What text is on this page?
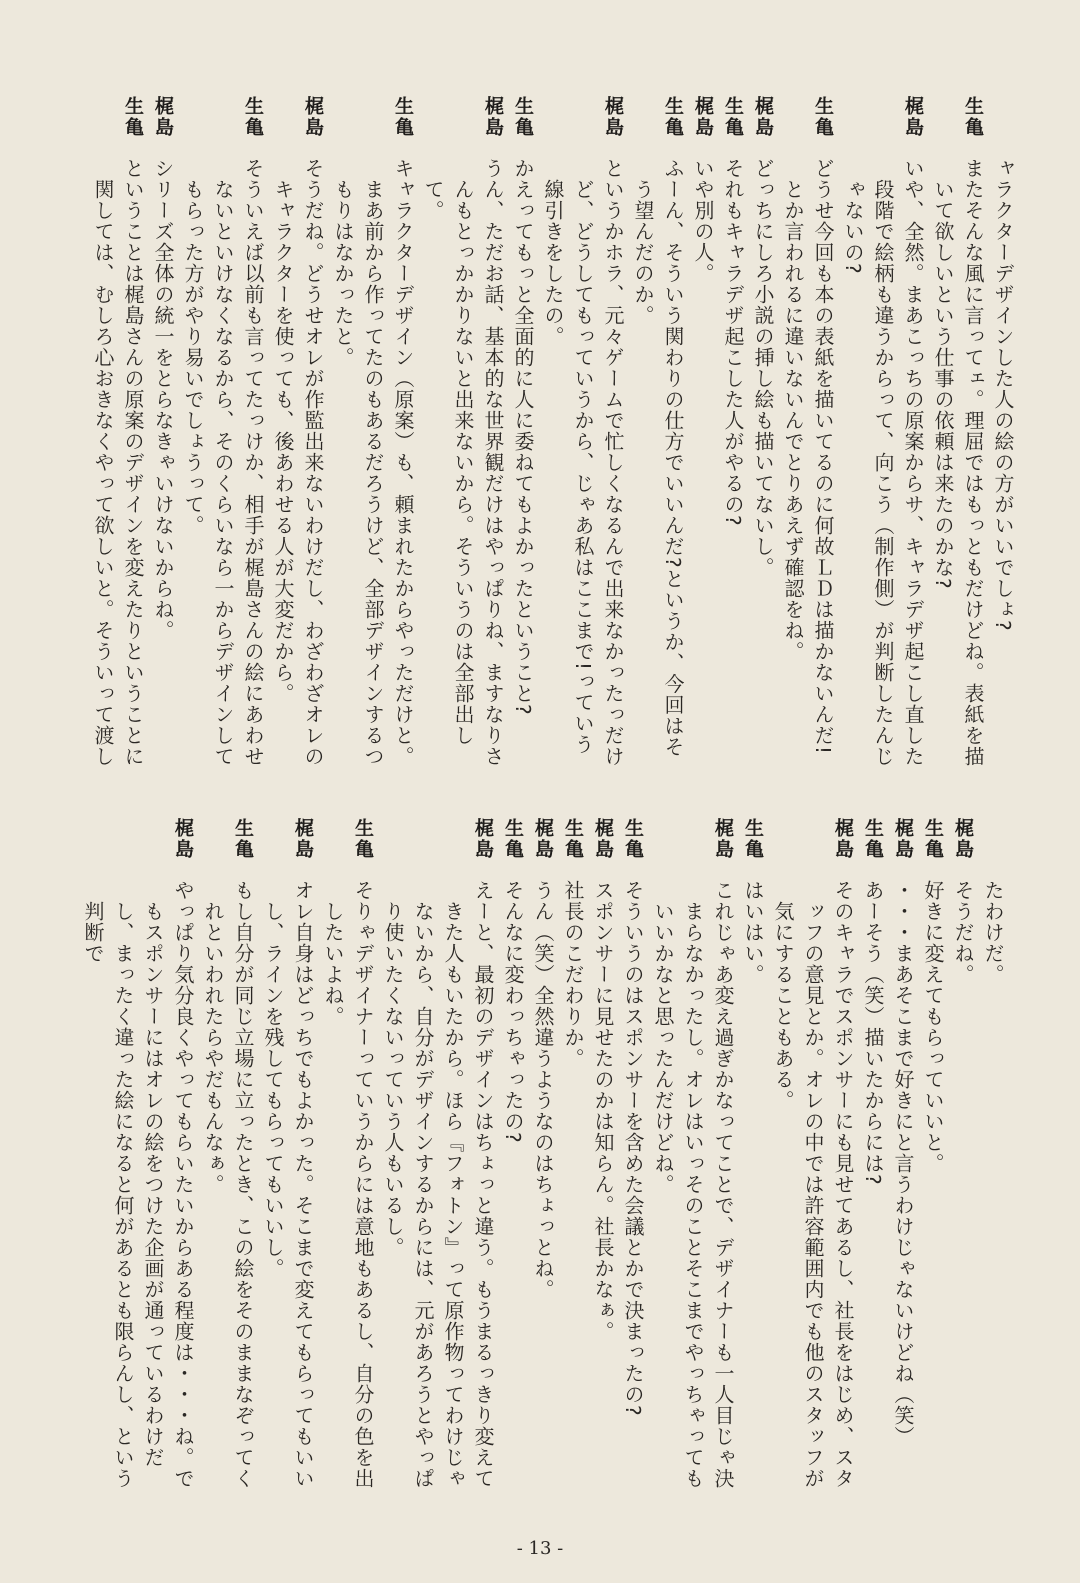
ャラクターデザインした人の絵の方がいいでしょ?
生亀
またそんな風に言ってェ。理屈ではもっともだけどね。表紙を描いて欲しいという仕事の依頼は来たのかな?
梶島
いや、全然。まあこっちの原案からサ、キャラデザ起こし直した段階で絵柄も違うからって、向こう（制作側）が判断したんじゃないの?
生亀
どうせ今回も本の表紙を描いてるのに何故ＬＤは描かないんだ!とか言われるに違いないんでとりあえず確認をね。
梶島
どっちにしろ小説の挿し絵も描いてないし。
生亀
それもキャラデザ起こした人がやるの?
梶島
いや別の人。
生亀
ふーん、そういう関わりの仕方でいいんだ?というか、今回はそう望んだのか。
梶島
というかホラ、元々ゲームで忙しくなるんで出来なかったっだけど、どうしてもっていうから、じゃあ私はここまで!っていう線引きをしたの。
生亀
かえってもっと全面的に人に委ねてもよかったということ?
梶島
うん、ただお話、基本的な世界観だけはやっぱりね、ますなりさんもとっかかりないと出来ないから。そういうのは全部出して。
生亀
キャラクターデザイン（原案）も、頼まれたからやっただけと。まあ前から作ってたのもあるだろうけど、全部デザインするつもりはなかったと。
梶島
そうだね。どうせオレが作監出来ないわけだし、わざわざオレのキャラクターを使っても、後あわせる人が大変だから。
生亀
そういえば以前も言ってたっけか、相手が梶島さんの絵にあわせないといけなくなるから、そのくらいなら一からデザインしてもらった方がやり易いでしょうって。
梶島
シリーズ全体の統一をとらなきゃいけないからね。
生亀
ということは梶島さんの原案のデザインを変えたりということに関しては、むしろ心おきなくやって欲しいと。そういって渡し
たわけだ。
梶島
そうだね。
生亀
好きに変えてもらっていいと。
梶島
・・・まあそこまで好きにと言うわけじゃないけどね（笑）
生亀
あーそう（笑）描いたからには?
梶島
そのキャラでスポンサーにも見せてあるし、社長をはじめ、スタッフの意見とか。オレの中では許容範囲内でも他のスタッフが気にすることもある。
生亀
はいはい。
梶島
これじゃあ変え過ぎかなってことで、デザイナーも一人目じゃ決まらなかったし。オレはいっそのことそこまでやっちゃってもいいかなと思ったんだけどね。
生亀
そういうのはスポンサーを含めた会議とかで決まったの?
梶島
スポンサーに見せたのかは知らん。社長かなぁ。
生亀
社長のこだわりか。
梶島
うん（笑）全然違うようなのはちょっとね。
生亀
そんなに変わっちゃったの?
梶島
えーと、最初のデザインはちょっと違う。もうまるっきり変えてきた人もいたから。ほら『フォトン』って原作物ってわけじゃないから、自分がデザインするからには、元があろうとやっぱり使いたくないっていう人もいるし。
生亀
そりゃデザイナーっていうからには意地もあるし、自分の色を出したいよね。
梶島
オレ自身はどっちでもよかった。そこまで変えてもらってもいいし、ラインを残してもらってもいいし。
生亀
もし自分が同じ立場に立ったとき、この絵をそのままなぞってくれといわれたらやだもんなぁ。
梶島
やっぱり気分良くやってもらいたいからある程度は・・・ね。でもスポンサーにはオレの絵をつけた企画が通っているわけだし、まったく違った絵になると何があるとも限らんし、という判断で
- 13 -
